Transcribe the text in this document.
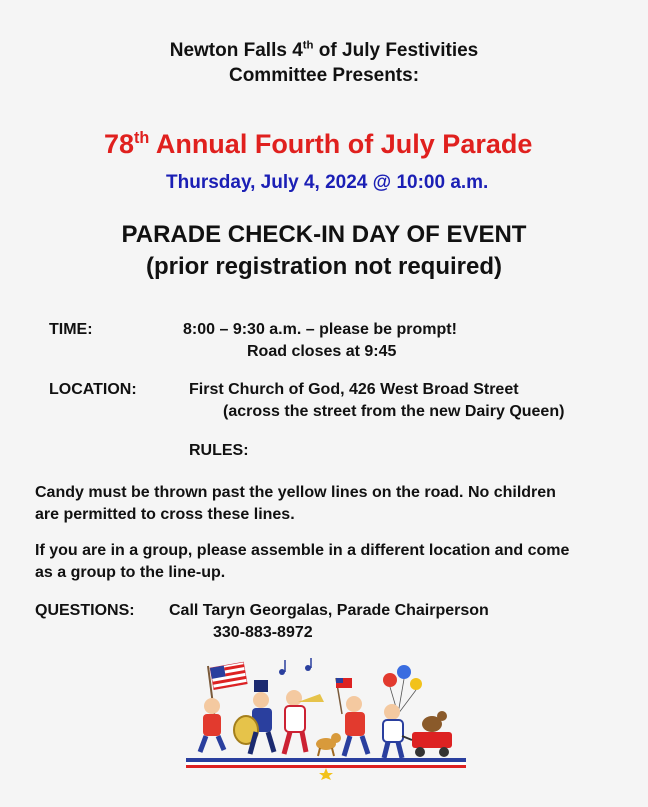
Newton Falls 4th of July Festivities
Committee Presents:
78th Annual Fourth of July Parade
Thursday, July 4, 2024 @ 10:00 a.m.
PARADE CHECK-IN DAY OF EVENT
(prior registration not required)
TIME:	8:00 – 9:30 a.m. – please be prompt!
Road closes at 9:45
LOCATION:	First Church of God, 426 West Broad Street
(across the street from the new Dairy Queen)
RULES:
Candy must be thrown past the yellow lines on the road. No children
are permitted to cross these lines.
If you are in a group, please assemble in a different location and come
as a group to the line-up.
QUESTIONS: Call Taryn Georgalas, Parade Chairperson
330-883-8972
